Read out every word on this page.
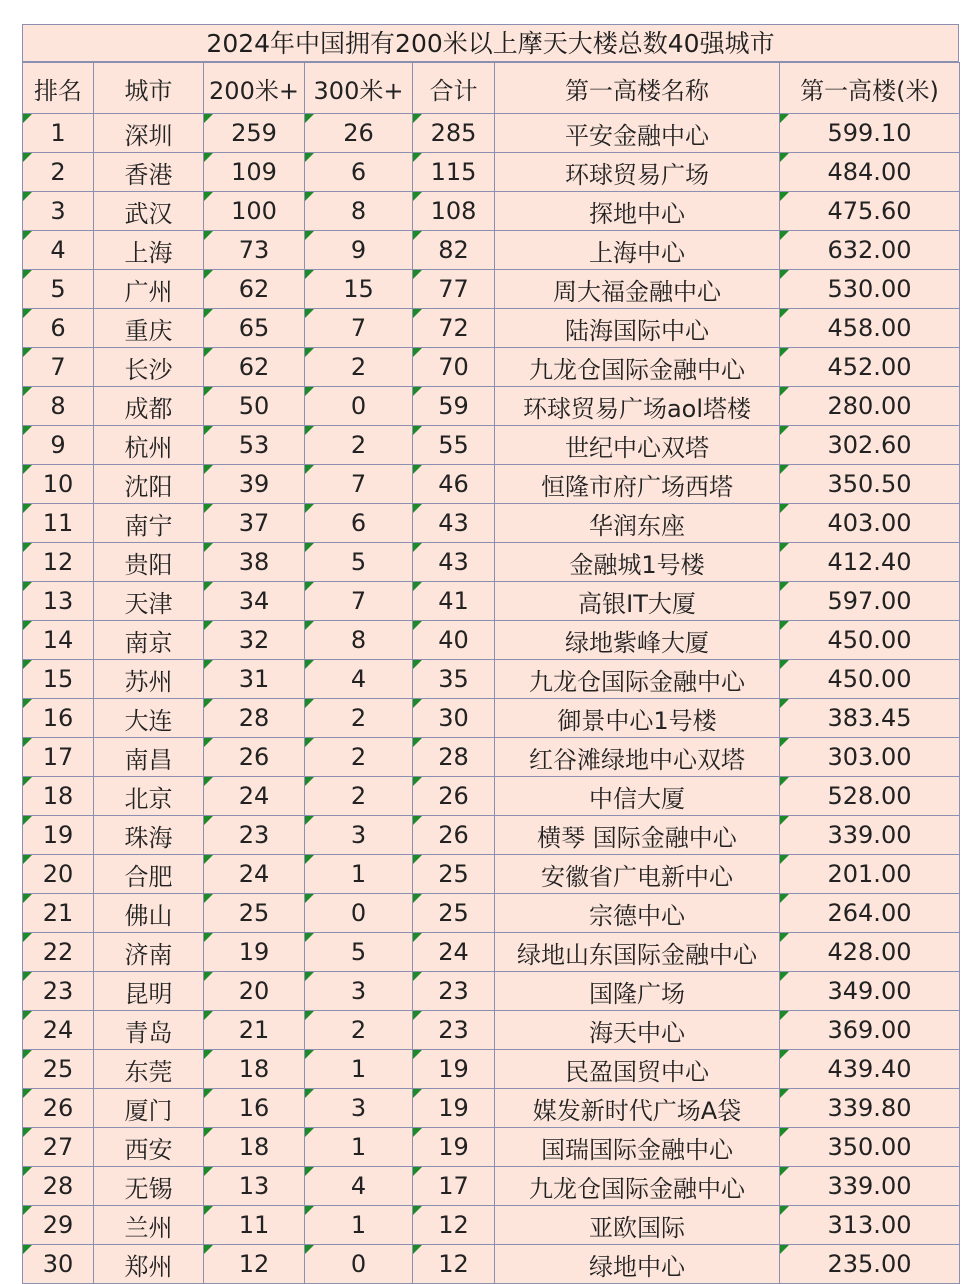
2024年中国拥有200米以上摩天大楼总数40强城市
排名	城市	200米+	300米+	合计	第一高楼名称	第一高楼(米)
1	深圳	259	26	285	平安金融中心	599.10
2	香港	109	6	115	环球贸易广场	484.00
3	武汉	100	8	108	探地中心	475.60
4	上海	73	9	82	上海中心	632.00
5	广州	62	15	77	周大福金融中心	530.00
6	重庆	65	7	72	陆海国际中心	458.00
7	长沙	62	2	70	九龙仓国际金融中心	452.00
8	成都	50	0	59	环球贸易广场aol塔楼	280.00
9	杭州	53	2	55	世纪中心双塔	302.60
10	沈阳	39	7	46	恒隆市府广场西塔	350.50
11	南宁	37	6	43	华润东座	403.00
12	贵阳	38	5	43	金融城1号楼	412.40
13	天津	34	7	41	高银IT大厦	597.00
14	南京	32	8	40	绿地紫峰大厦	450.00
15	苏州	31	4	35	九龙仓国际金融中心	450.00
16	大连	28	2	30	御景中心1号楼	383.45
17	南昌	26	2	28	红谷滩绿地中心双塔	303.00
18	北京	24	2	26	中信大厦	528.00
19	珠海	23	3	26	横琴 国际金融中心	339.00
20	合肥	24	1	25	安徽省广电新中心	201.00
21	佛山	25	0	25	宗德中心	264.00
22	济南	19	5	24	绿地山东国际金融中心	428.00
23	昆明	20	3	23	国隆广场	349.00
24	青岛	21	2	23	海天中心	369.00
25	东莞	18	1	19	民盈国贸中心	439.40
26	厦门	16	3	19	媒发新时代广场A袋	339.80
27	西安	18	1	19	国瑞国际金融中心	350.00
28	无锡	13	4	17	九龙仓国际金融中心	339.00
29	兰州	11	1	12	亚欧国际	313.00
30	郑州	12	0	12	绿地中心	235.00
